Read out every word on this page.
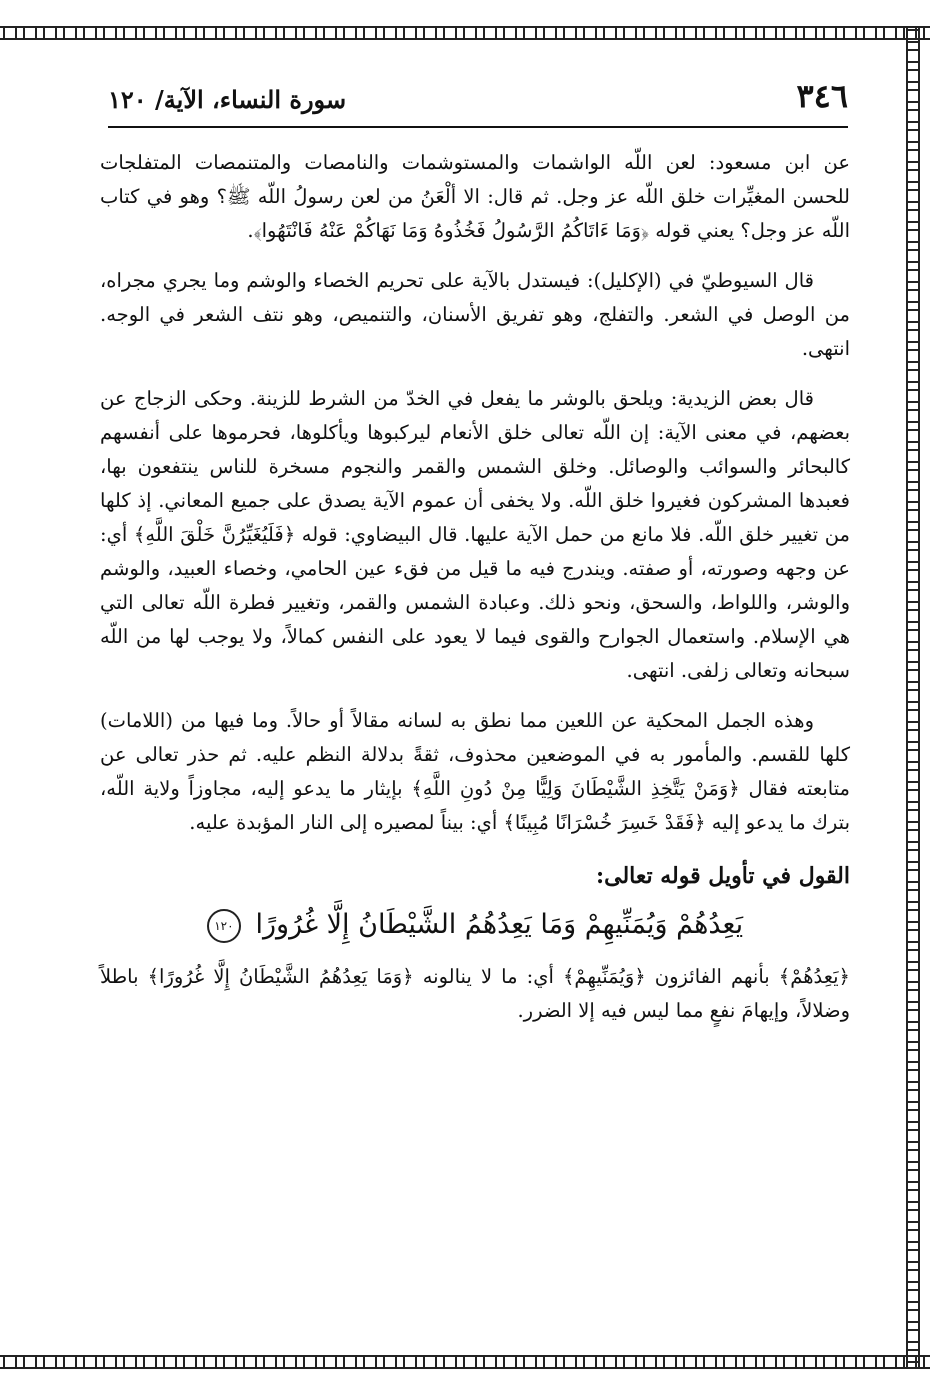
٣٤٦
سورة النساء، الآية/ ١٢٠

عن ابن مسعود: لعن اللّه الواشمات والمستوشمات والنامصات والمتنمصات المتفلجات للحسن المغيِّرات خلق اللّه عز وجل. ثم قال: الا ألْعَنُ من لعن رسولُ اللّه ﷺ؟ وهو في كتاب اللّه عز وجل؟ يعني قوله ﴿وَمَا ءَاتَاكُمُ الرَّسُولُ فَخُذُوهُ وَمَا نَهَاكُمْ عَنْهُ فَانْتَهُوا﴾.

قال السيوطيّ في (الإكليل): فيستدل بالآية على تحريم الخصاء والوشم وما يجري مجراه، من الوصل في الشعر. والتفلج، وهو تفريق الأسنان، والتنميص، وهو نتف الشعر في الوجه. انتهى.

قال بعض الزيدية: ويلحق بالوشر ما يفعل في الخدّ من الشرط للزينة. وحكى الزجاج عن بعضهم، في معنى الآية: إن اللّه تعالى خلق الأنعام ليركبوها ويأكلوها، فحرموها على أنفسهم كالبحائر والسوائب والوصائل. وخلق الشمس والقمر والنجوم مسخرة للناس ينتفعون بها، فعبدها المشركون فغيروا خلق اللّه. ولا يخفى أن عموم الآية يصدق على جميع المعاني. إذ كلها من تغيير خلق اللّه. فلا مانع من حمل الآية عليها. قال البيضاوي: قوله ﴿فَلَيُغَيِّرُنَّ خَلْقَ اللَّهِ﴾ أي: عن وجهه وصورته، أو صفته. ويندرج فيه ما قيل من فقء عين الحامي، وخصاء العبيد، والوشم والوشر، واللواط، والسحق، ونحو ذلك. وعبادة الشمس والقمر، وتغيير فطرة اللّه تعالى التي هي الإسلام. واستعمال الجوارح والقوى فيما لا يعود على النفس كمالاً، ولا يوجب لها من اللّه سبحانه وتعالى زلفى. انتهى.

وهذه الجمل المحكية عن اللعين مما نطق به لسانه مقالاً أو حالاً. وما فيها من (اللامات) كلها للقسم. والمأمور به في الموضعين محذوف، ثقةً بدلالة النظم عليه. ثم حذر تعالى عن متابعته فقال ﴿وَمَنْ يَتَّخِذِ الشَّيْطَانَ وَلِيًّا مِنْ دُونِ اللَّهِ﴾ بإيثار ما يدعو إليه، مجاوزاً ولاية اللّه، بترك ما يدعو إليه ﴿فَقَدْ خَسِرَ خُسْرَانًا مُبِينًا﴾ أي: بيناً لمصيره إلى النار المؤبدة عليه.

القول في تأويل قوله تعالى:
يَعِدُهُمْ وَيُمَنِّيهِمْ وَمَا يَعِدُهُمُ الشَّيْطَانُ إِلَّا غُرُورًا ١٢٠

﴿يَعِدُهُمْ﴾ بأنهم الفائزون ﴿وَيُمَنِّيهِمْ﴾ أي: ما لا ينالونه ﴿وَمَا يَعِدُهُمُ الشَّيْطَانُ إِلَّا غُرُورًا﴾ باطلاً وضلالاً، وإيهامَ نفعٍ مما ليس فيه إلا الضرر.
